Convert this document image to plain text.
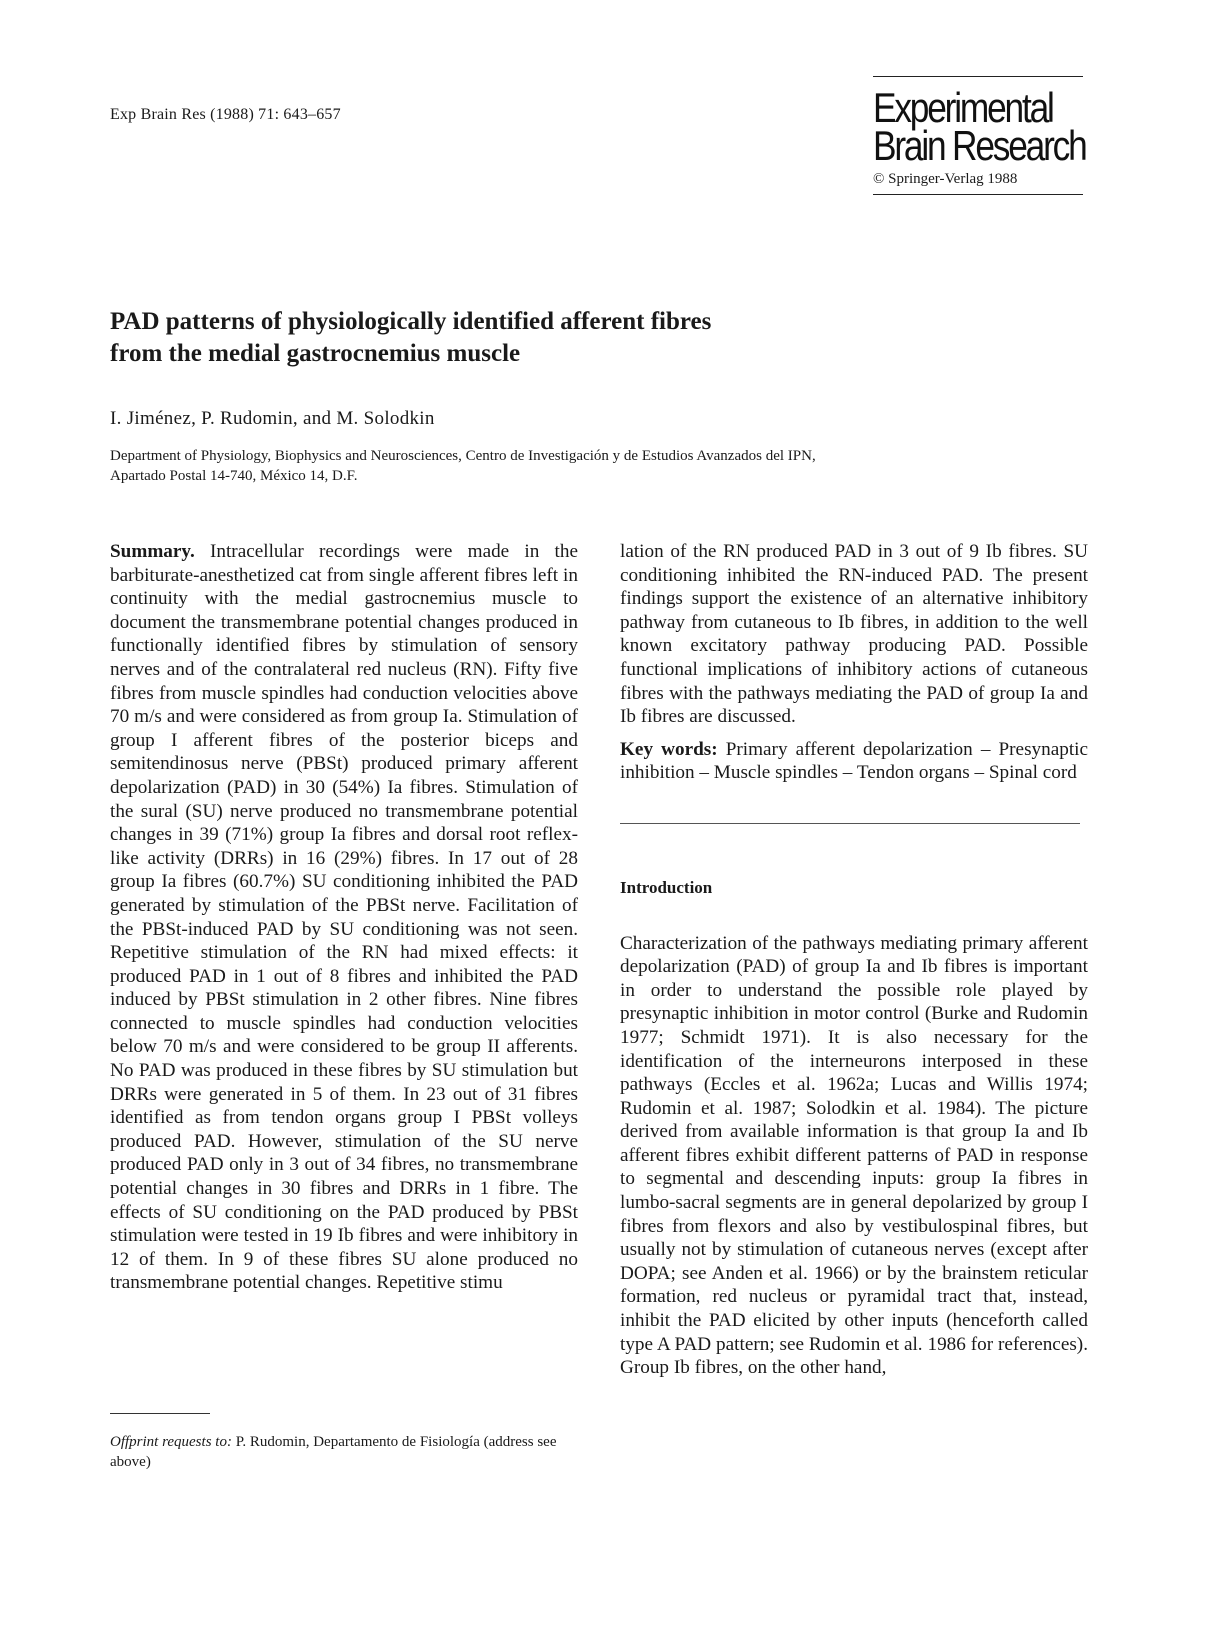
Exp Brain Res (1988) 71: 643–657	Experimental
Brain Research
© Springer-Verlag 1988
PAD patterns of physiologically identified afferent fibres
from the medial gastrocnemius muscle
I. Jiménez, P. Rudomin, and M. Solodkin
Department of Physiology, Biophysics and Neurosciences, Centro de Investigación y de Estudios Avanzados del IPN,
Apartado Postal 14-740, México 14, D.F.

Summary. Intracellular recordings were made in the barbiturate-anesthetized cat from single afferent fibres left in continuity with the medial gastrocnemius muscle to document the transmembrane potential changes produced in functionally identified fibres by stimulation of sensory nerves and of the contralateral red nucleus (RN). Fifty five fibres from muscle spindles had conduction velocities above 70 m/s and were considered as from group Ia. Stimulation of group I afferent fibres of the posterior biceps and semitendinosus nerve (PBSt) produced primary afferent depolarization (PAD) in 30 (54%) Ia fibres. Stimulation of the sural (SU) nerve produced no transmembrane potential changes in 39 (71%) group Ia fibres and dorsal root reflex-like activity (DRRs) in 16 (29%) fibres. In 17 out of 28 group Ia fibres (60.7%) SU conditioning inhibited the PAD generated by stimulation of the PBSt nerve. Facilitation of the PBSt-induced PAD by SU conditioning was not seen. Repetitive stimulation of the RN had mixed effects: it produced PAD in 1 out of 8 fibres and inhibited the PAD induced by PBSt stimulation in 2 other fibres. Nine fibres connected to muscle spindles had conduction velocities below 70 m/s and were considered to be group II afferents. No PAD was produced in these fibres by SU stimulation but DRRs were generated in 5 of them. In 23 out of 31 fibres identified as from tendon organs group I PBSt volleys produced PAD. However, stimulation of the SU nerve produced PAD only in 3 out of 34 fibres, no transmembrane potential changes in 30 fibres and DRRs in 1 fibre. The effects of SU conditioning on the PAD produced by PBSt stimulation were tested in 19 Ib fibres and were inhibitory in 12 of them. In 9 of these fibres SU alone produced no transmembrane potential changes. Repetitive stimu

lation of the RN produced PAD in 3 out of 9 Ib fibres. SU conditioning inhibited the RN-induced PAD. The present findings support the existence of an alternative inhibitory pathway from cutaneous to Ib fibres, in addition to the well known excitatory pathway producing PAD. Possible functional implications of inhibitory actions of cutaneous fibres with the pathways mediating the PAD of group Ia and Ib fibres are discussed.

Key words: Primary afferent depolarization – Presynaptic inhibition – Muscle spindles – Tendon organs – Spinal cord

Introduction

Characterization of the pathways mediating primary afferent depolarization (PAD) of group Ia and Ib fibres is important in order to understand the possible role played by presynaptic inhibition in motor control (Burke and Rudomin 1977; Schmidt 1971). It is also necessary for the identification of the interneurons interposed in these pathways (Eccles et al. 1962a; Lucas and Willis 1974; Rudomin et al. 1987; Solodkin et al. 1984). The picture derived from available information is that group Ia and Ib afferent fibres exhibit different patterns of PAD in response to segmental and descending inputs: group Ia fibres in lumbo-sacral segments are in general depolarized by group I fibres from flexors and also by vestibulospinal fibres, but usually not by stimulation of cutaneous nerves (except after DOPA; see Anden et al. 1966) or by the brainstem reticular formation, red nucleus or pyramidal tract that, instead, inhibit the PAD elicited by other inputs (henceforth called type A PAD pattern; see Rudomin et al. 1986 for references). Group Ib fibres, on the other hand,

Offprint requests to: P. Rudomin, Departamento de Fisiología (address see above)
